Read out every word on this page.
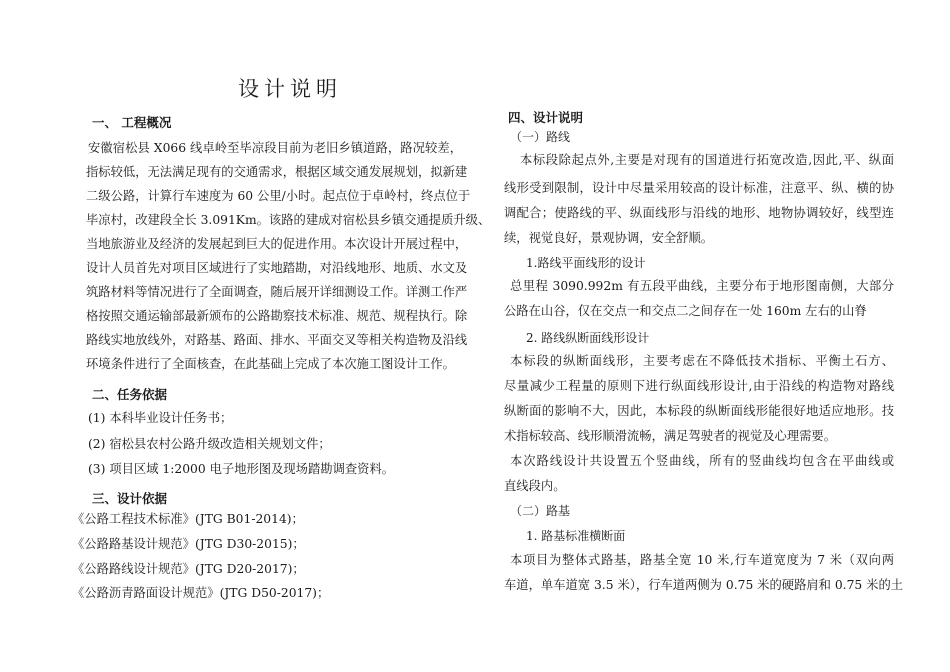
设计说明
一、 工程概况
安徽宿松县 X066 线卓岭至毕凉段目前为老旧乡镇道路，路况较差，
指标较低，无法满足现有的交通需求，根据区域交通发展规划，拟新建
二级公路，计算行车速度为 60 公里/小时。起点位于卓岭村，终点位于
毕凉村，改建段全长 3.091Km。该路的建成对宿松县乡镇交通提质升级、
当地旅游业及经济的发展起到巨大的促进作用。本次设计开展过程中，
设计人员首先对项目区域进行了实地踏勘，对沿线地形、地质、水文及
筑路材料等情况进行了全面调查，随后展开详细测设工作。详测工作严
格按照交通运输部最新颁布的公路勘察技术标准、规范、规程执行。除
路线实地放线外，对路基、路面、排水、平面交叉等相关构造物及沿线
环境条件进行了全面核查，在此基础上完成了本次施工图设计工作。
二、任务依据
(1) 本科毕业设计任务书；
(2) 宿松县农村公路升级改造相关规划文件；
(3) 项目区域 1:2000 电子地形图及现场踏勘调查资料。
三、设计依据
《公路工程技术标准》(JTG B01-2014)；
《公路路基设计规范》(JTG D30-2015)；
《公路路线设计规范》(JTG D20-2017)；
《公路沥青路面设计规范》(JTG D50-2017)；
四、设计说明
（一）路线
本标段除起点外,主要是对现有的国道进行拓宽改造,因此,平、纵面
线形受到限制，设计中尽量采用较高的设计标准，注意平、纵、横的协
调配合；使路线的平、纵面线形与沿线的地形、地物协调较好，线型连
续，视觉良好，景观协调，安全舒顺。
1.路线平面线形的设计
总里程 3090.992m 有五段平曲线，主要分布于地形图南侧，大部分
公路在山谷，仅在交点一和交点二之间存在一处 160m 左右的山脊
2. 路线纵断面线形设计
本标段的纵断面线形，主要考虑在不降低技术指标、平衡土石方、
尽量减少工程量的原则下进行纵面线形设计,由于沿线的构造物对路线
纵断面的影响不大，因此，本标段的纵断面线形能很好地适应地形。技
术指标较高、线形顺滑流畅，满足驾驶者的视觉及心理需要。
本次路线设计共设置五个竖曲线，所有的竖曲线均包含在平曲线或
直线段内。
（二）路基
1. 路基标准横断面
本项目为整体式路基，路基全宽 10 米,行车道宽度为 7 米（双向两
车道，单车道宽 3.5 米），行车道两侧为 0.75 米的硬路肩和 0.75 米的土
